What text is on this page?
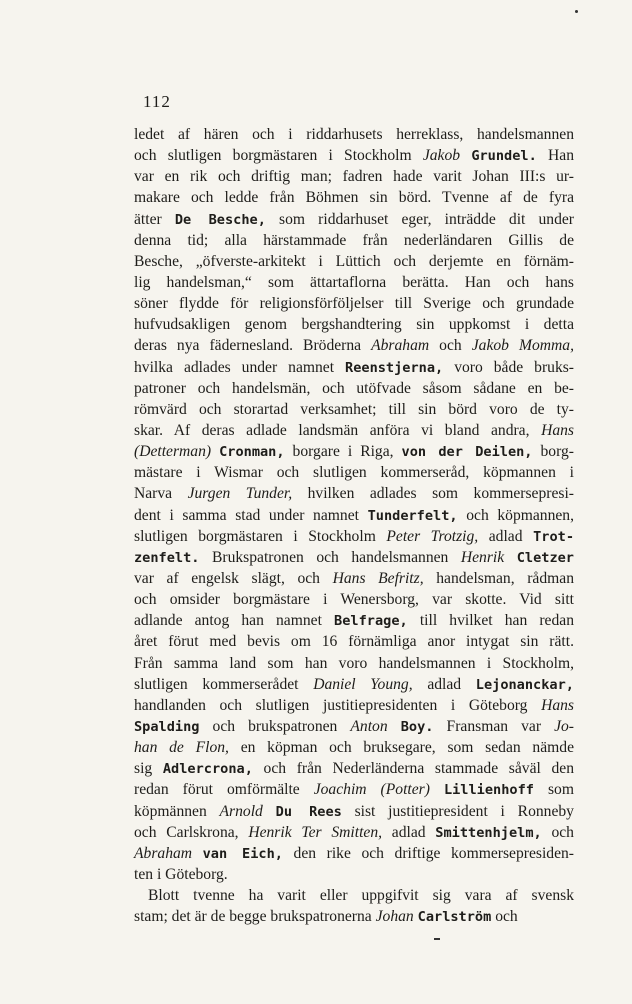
112
ledet af hären och i riddarhusets herreklass, handelsmannen
och slutligen borgmästaren i Stockholm Jakob Grundel. Han
var en rik och driftig man; fadren hade varit Johan III:s ur-
makare och ledde från Böhmen sin börd. Tvenne af de fyra
ätter De Besche, som riddarhuset eger, inträdde dit under
denna tid; alla härstammade från nederländaren Gillis de
Besche, „öfverste-arkitekt i Lüttich och derjemte en förnäm-
lig handelsman,“ som ättartaflorna berätta. Han och hans
söner flydde för religionsförföljelser till Sverige och grundade
hufvudsakligen genom bergshandtering sin uppkomst i detta
deras nya fädernesland. Bröderna Abraham och Jakob Momma,
hvilka adlades under namnet Reenstjerna, voro både bruks-
patroner och handelsmän, och utöfvade såsom sådane en be-
römvärd och storartad verksamhet; till sin börd voro de ty-
skar. Af deras adlade landsmän anföra vi bland andra, Hans
(Detterman) Cronman, borgare i Riga, von der Deilen, borg-
mästare i Wismar och slutligen kommerseråd, köpmannen i
Narva Jurgen Tunder, hvilken adlades som kommersepresi-
dent i samma stad under namnet Tunderfelt, och köpmannen,
slutligen borgmästaren i Stockholm Peter Trotzig, adlad Trot-
zenfelt. Brukspatronen och handelsmannen Henrik Cletzer
var af engelsk slägt, och Hans Befritz, handelsman, rådman
och omsider borgmästare i Wenersborg, var skotte. Vid sitt
adlande antog han namnet Belfrage, till hvilket han redan
året förut med bevis om 16 förnämliga anor intygat sin rätt.
Från samma land som han voro handelsmannen i Stockholm,
slutligen kommerserådet Daniel Young, adlad Lejonanckar,
handlanden och slutligen justitiepresidenten i Göteborg Hans
Spalding och brukspatronen Anton Boy. Fransman var Jo-
han de Flon, en köpman och bruksegare, som sedan nämde
sig Adlercrona, och från Nederländerna stammade såväl den
redan förut omförmälte Joachim (Potter) Lillienhoff som
köpmännen Arnold Du Rees sist justitiepresident i Ronneby
och Carlskrona, Henrik Ter Smitten, adlad Smittenhjelm, och
Abraham van Eich, den rike och driftige kommersepresiden-
ten i Göteborg.
Blott tvenne ha varit eller uppgifvit sig vara af svensk
stam; det är de begge brukspatronerna Johan Carlström och
